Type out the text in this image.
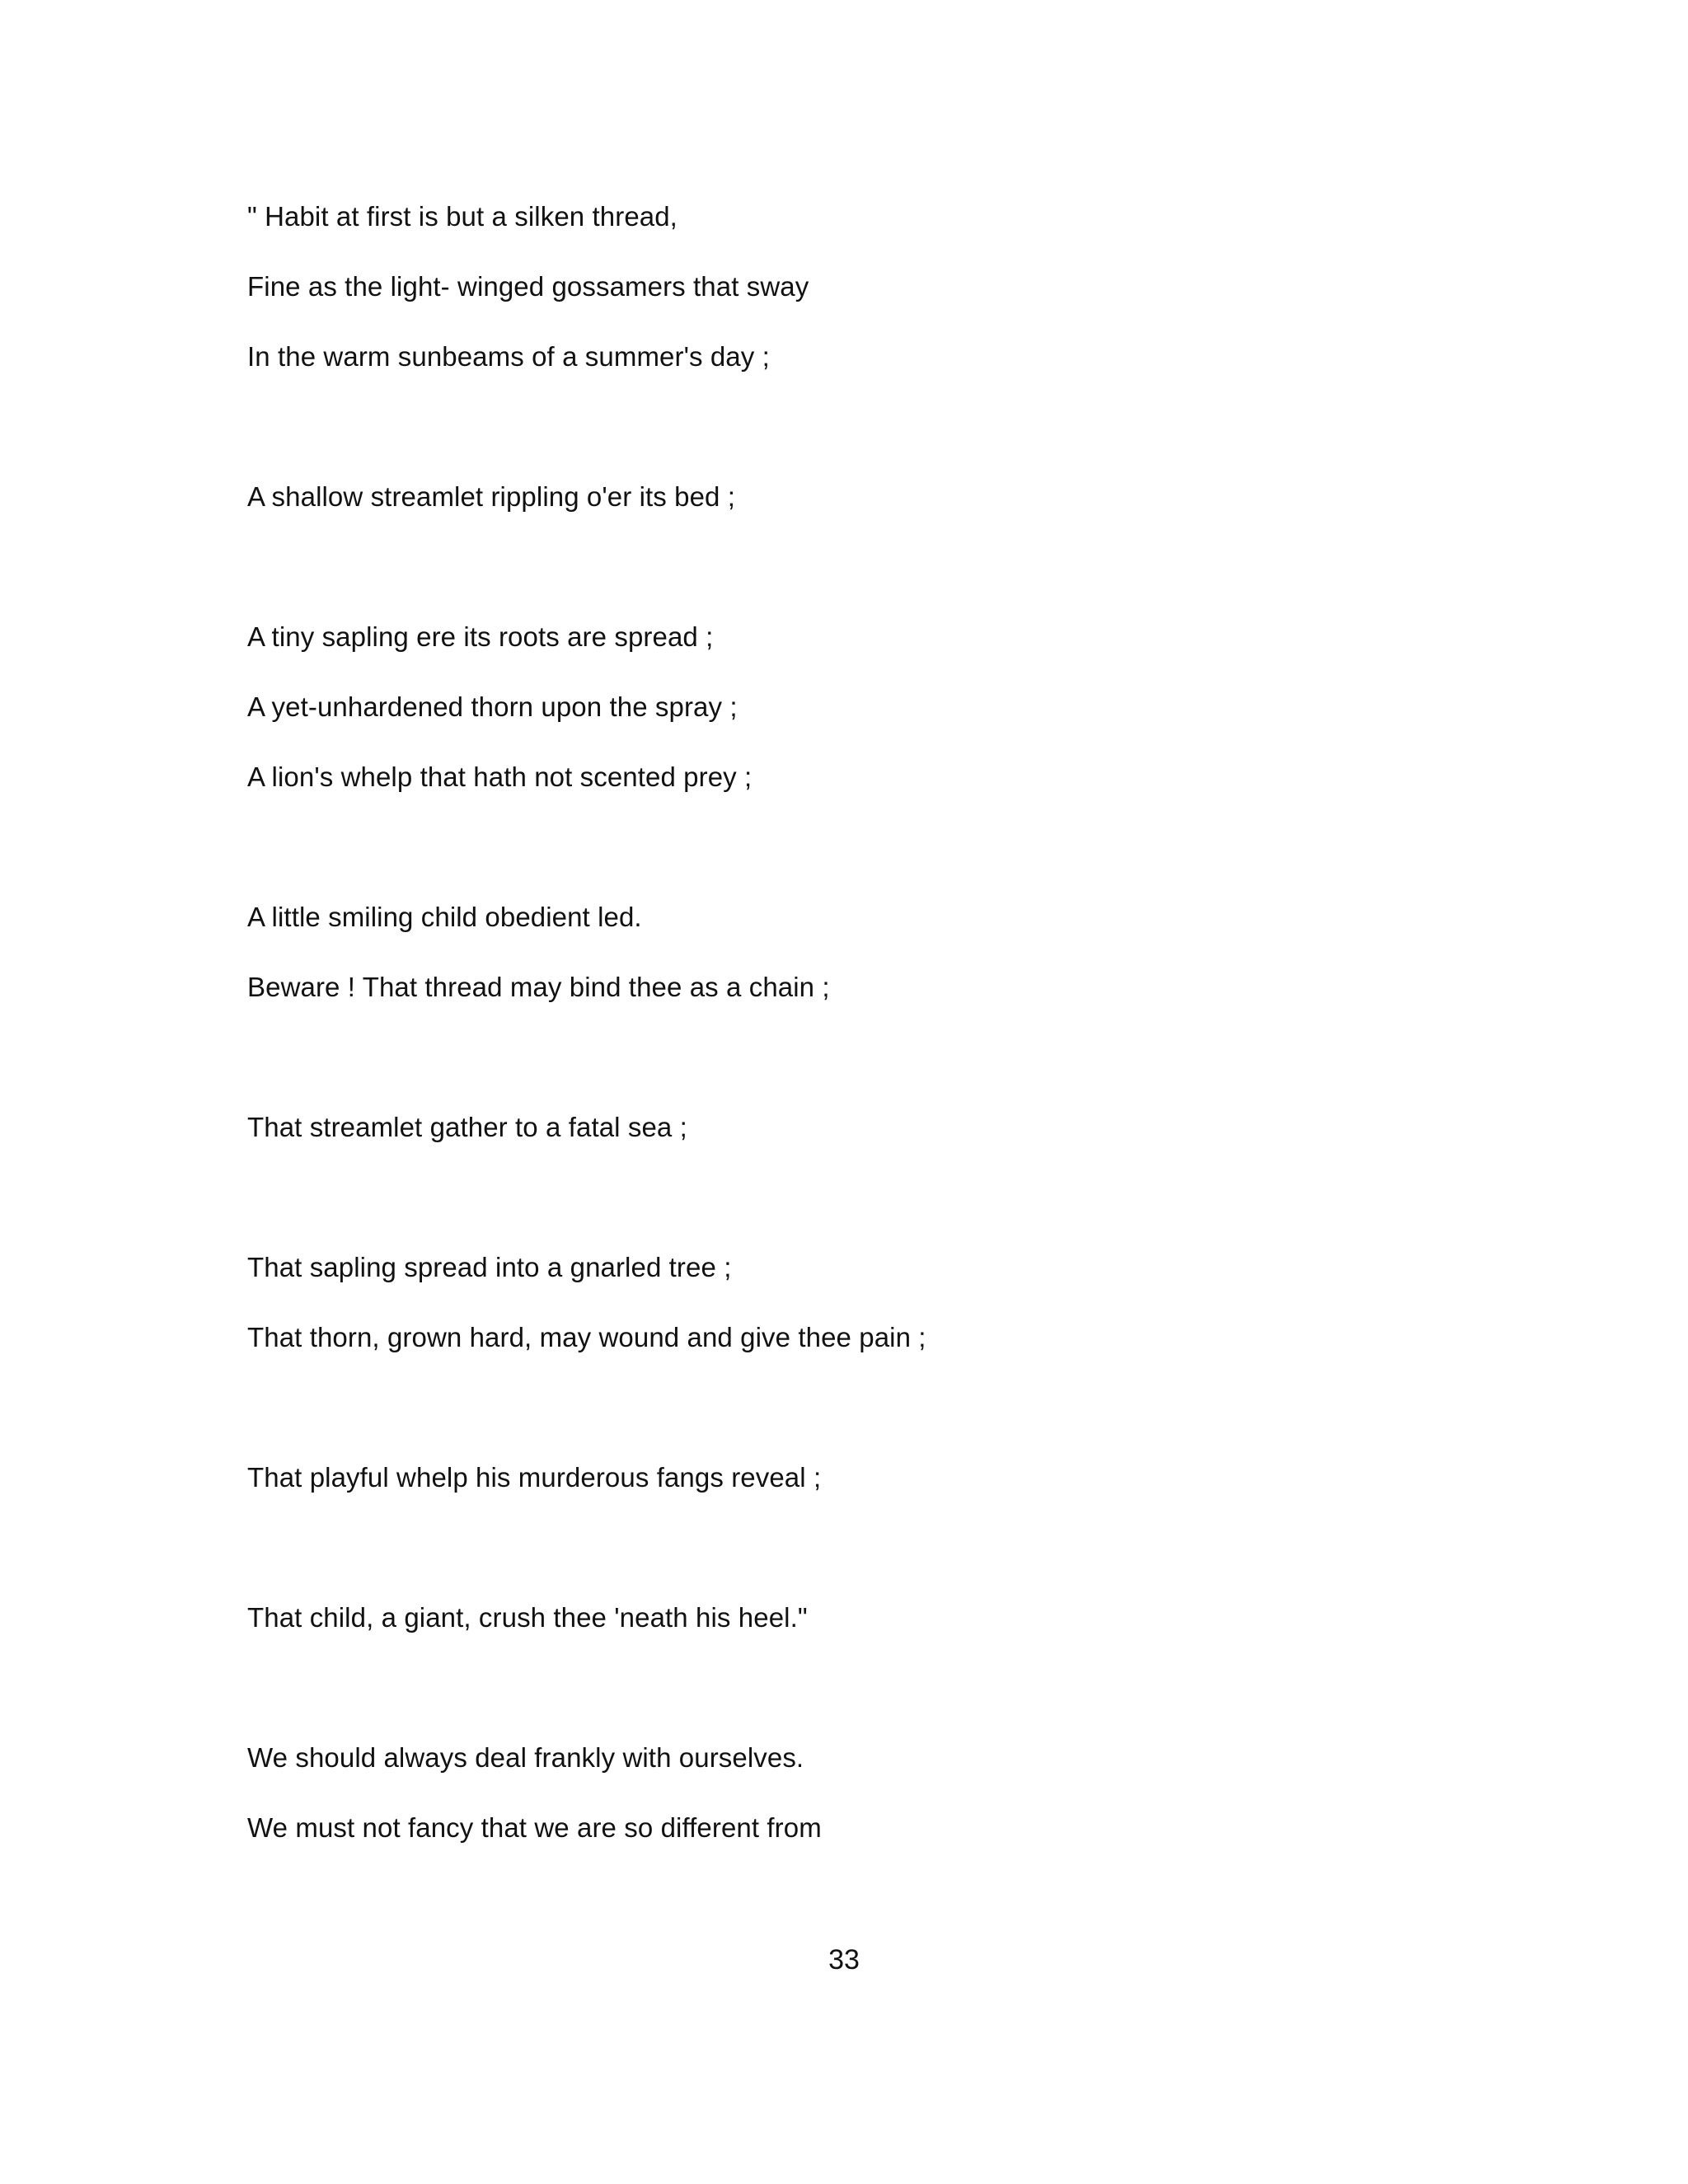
" Habit at first is but a silken thread,
Fine as the light- winged gossamers that sway
In the warm sunbeams of a summer's day ;
A shallow streamlet rippling o'er its bed ;
A tiny sapling ere its roots are spread ;
A yet-unhardened thorn upon the spray ;
A lion's whelp that hath not scented prey ;
A little smiling child obedient led.
Beware ! That thread may bind thee as a chain ;
That streamlet gather to a fatal sea ;
That sapling spread into a gnarled tree ;
That thorn, grown hard, may wound and give thee pain ;
That playful whelp his murderous fangs reveal ;
That child, a giant, crush thee 'neath his heel."
We should always deal frankly with ourselves.
We must not fancy that we are so different from
33
